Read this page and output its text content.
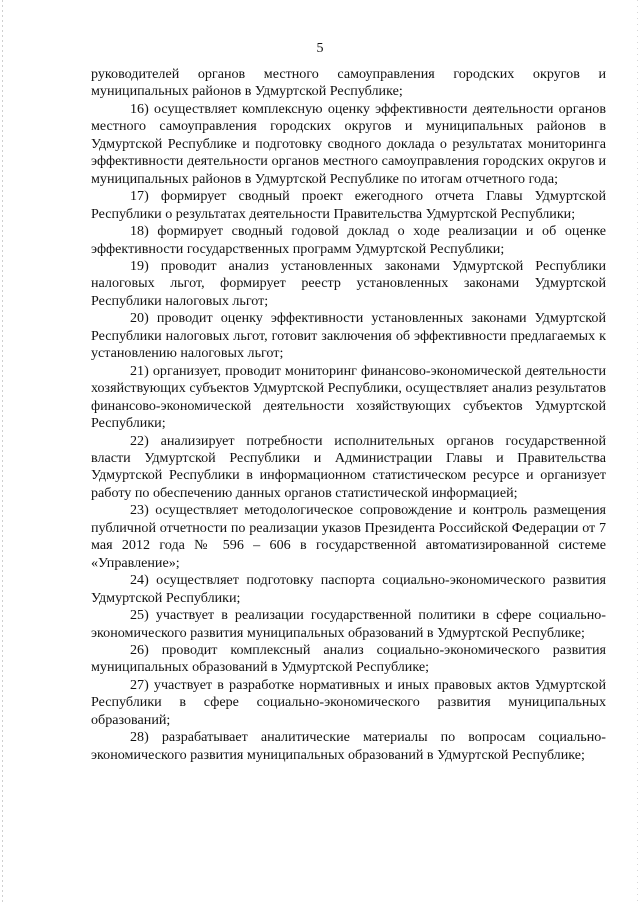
5

руководителей органов местного самоуправления городских округов и муниципальных районов в Удмуртской Республике;

16) осуществляет комплексную оценку эффективности деятельности органов местного самоуправления городских округов и муниципальных районов в Удмуртской Республике и подготовку сводного доклада о результатах мониторинга эффективности деятельности органов местного самоуправления городских округов и муниципальных районов в Удмуртской Республике по итогам отчетного года;

17) формирует сводный проект ежегодного отчета Главы Удмуртской Республики о результатах деятельности Правительства Удмуртской Республики;

18) формирует сводный годовой доклад о ходе реализации и об оценке эффективности государственных программ Удмуртской Республики;

19) проводит анализ установленных законами Удмуртской Республики налоговых льгот, формирует реестр установленных законами Удмуртской Республики налоговых льгот;

20) проводит оценку эффективности установленных законами Удмуртской Республики налоговых льгот, готовит заключения об эффективности предлагаемых к установлению налоговых льгот;

21) организует, проводит мониторинг финансово-экономической деятельности хозяйствующих субъектов Удмуртской Республики, осуществляет анализ результатов финансово-экономической деятельности хозяйствующих субъектов Удмуртской Республики;

22) анализирует потребности исполнительных органов государственной власти Удмуртской Республики и Администрации Главы и Правительства Удмуртской Республики в информационном статистическом ресурсе и организует работу по обеспечению данных органов статистической информацией;

23) осуществляет методологическое сопровождение и контроль размещения публичной отчетности по реализации указов Президента Российской Федерации от 7 мая 2012 года № 596 – 606 в государственной автоматизированной системе «Управление»;

24) осуществляет подготовку паспорта социально-экономического развития Удмуртской Республики;

25) участвует в реализации государственной политики в сфере социально-экономического развития муниципальных образований в Удмуртской Республике;

26) проводит комплексный анализ социально-экономического развития муниципальных образований в Удмуртской Республике;

27) участвует в разработке нормативных и иных правовых актов Удмуртской Республики в сфере социально-экономического развития муниципальных образований;

28) разрабатывает аналитические материалы по вопросам социально-экономического развития муниципальных образований в Удмуртской Республике;
